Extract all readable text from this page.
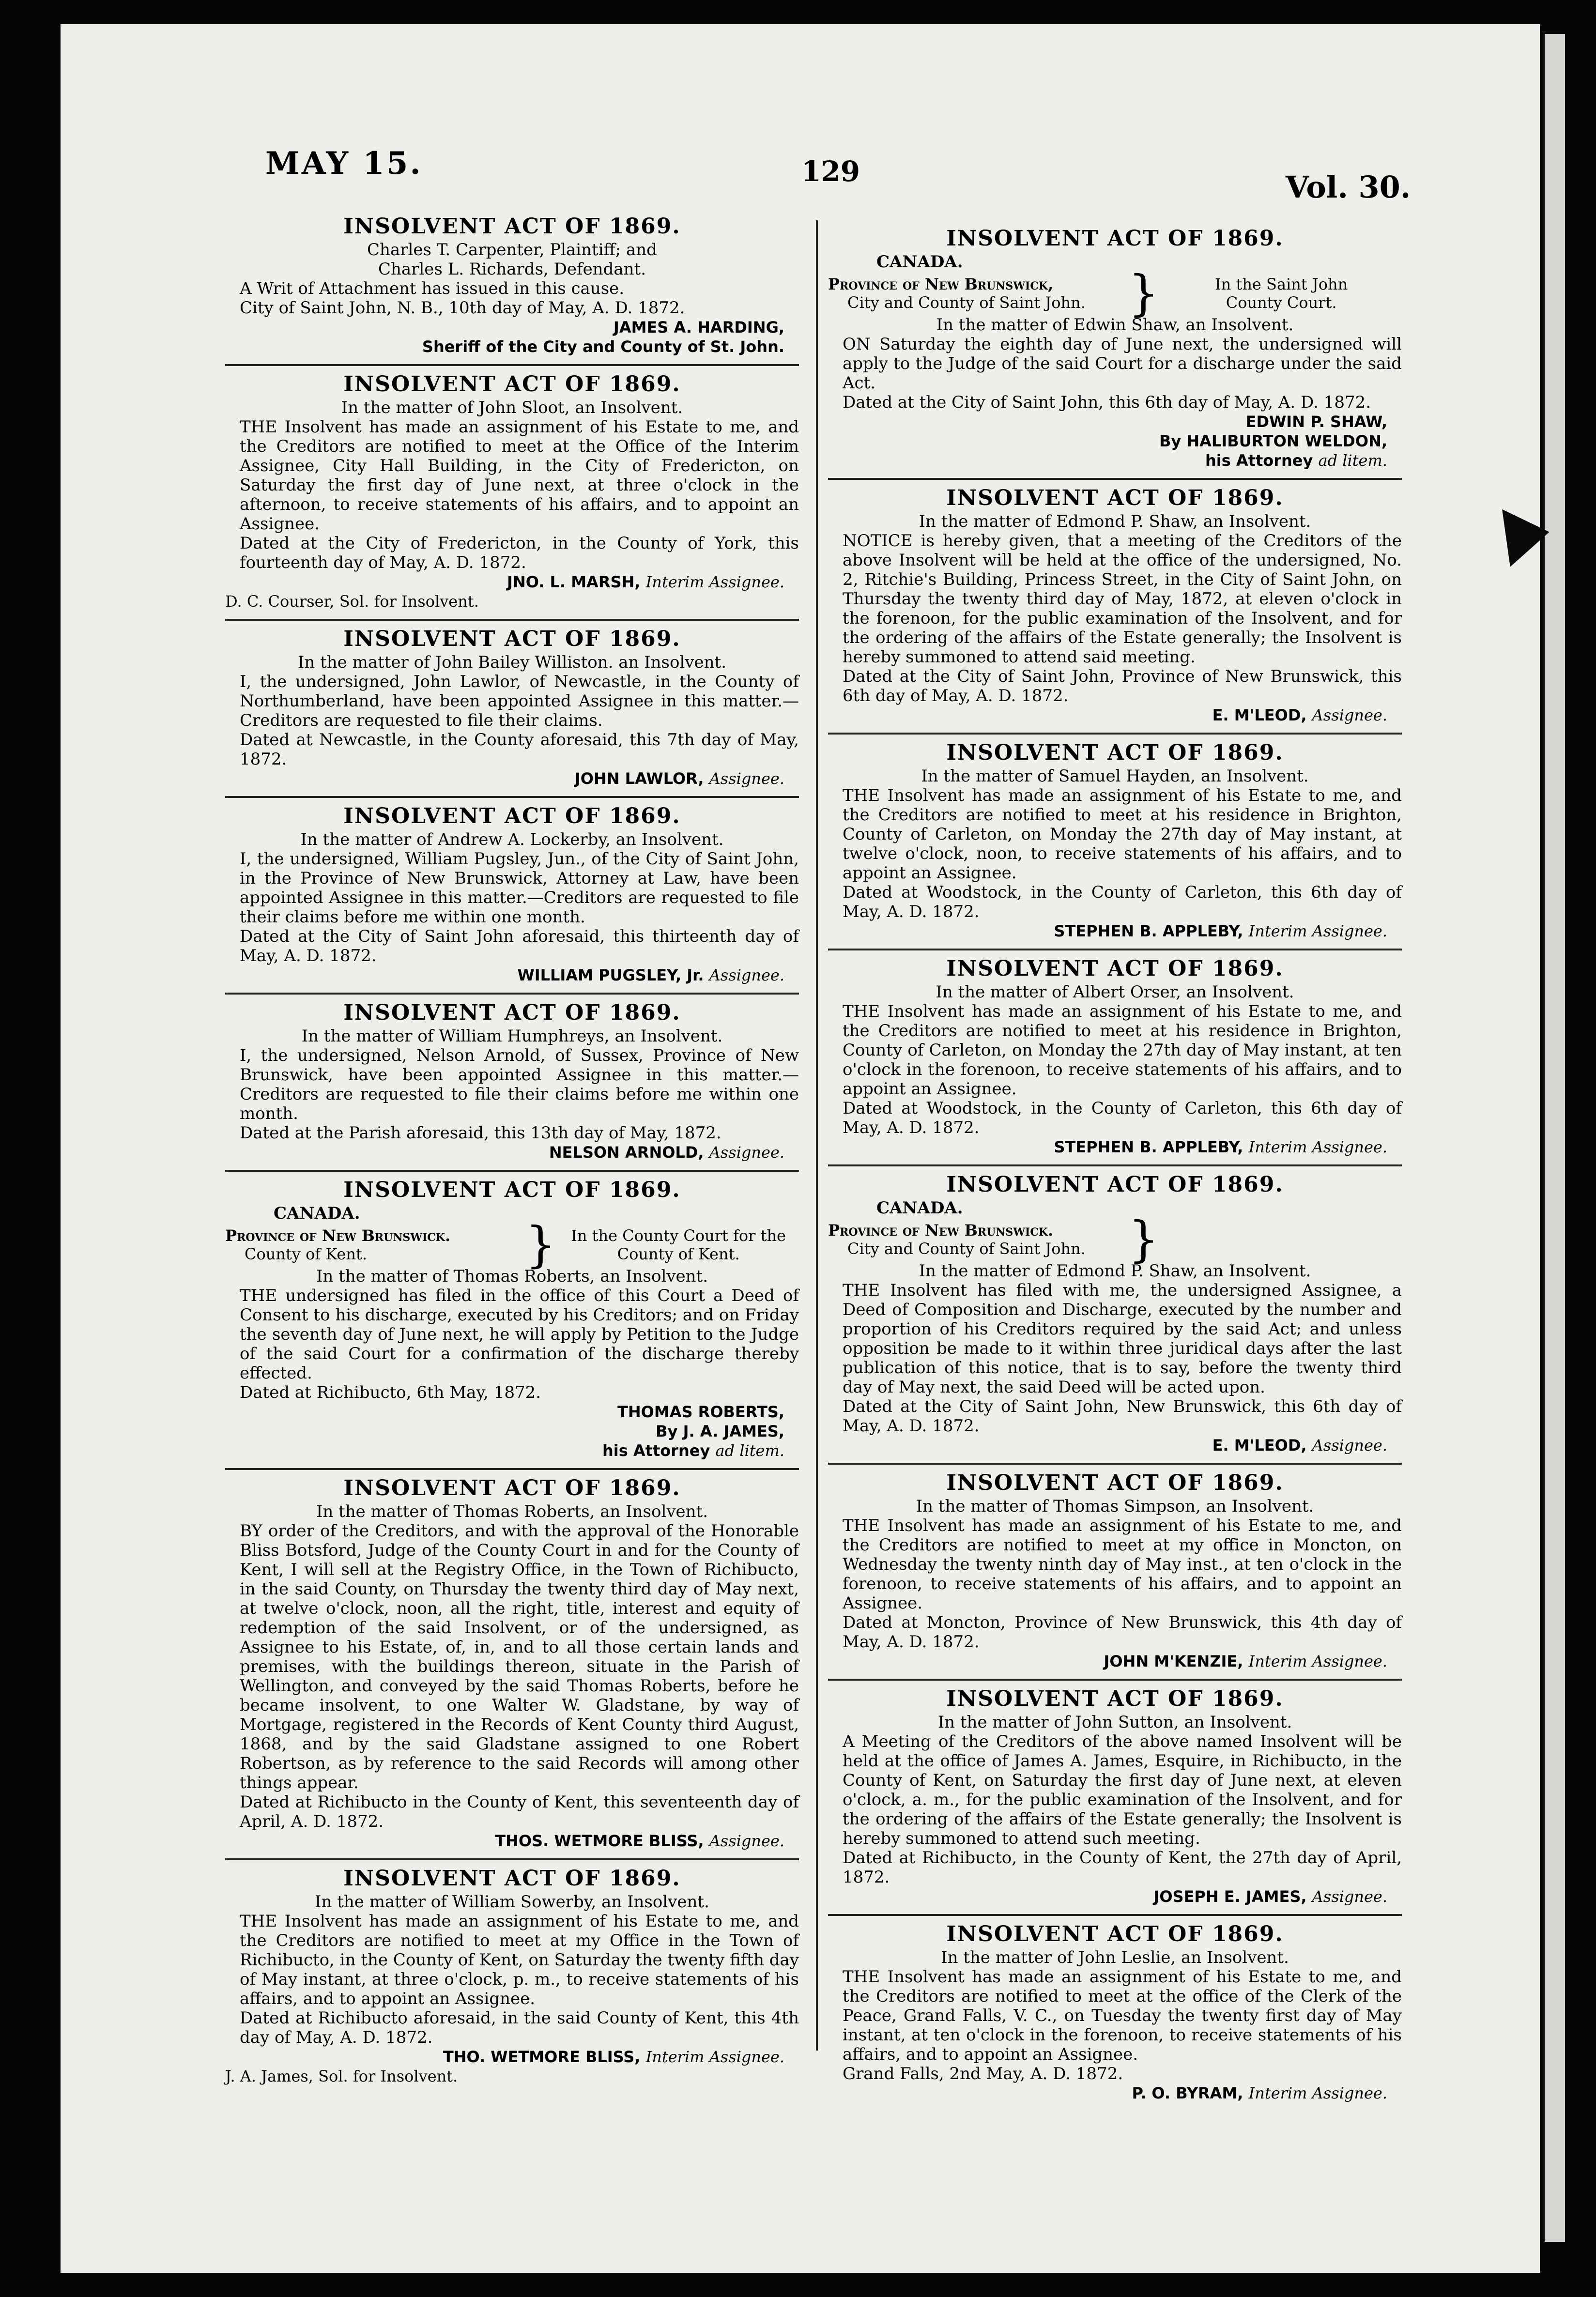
MAY 15.	129	Vol. 30.
INSOLVENT ACT OF 1869.
Charles T. Carpenter, Plaintiff; and
Charles L. Richards, Defendant.
A Writ of Attachment has issued in this cause.
City of Saint John, N. B., 10th day of May, A. D. 1872.
JAMES A. HARDING,
Sheriff of the City and County of St. John.
INSOLVENT ACT OF 1869.
In the matter of John Sloot, an Insolvent.
THE Insolvent has made an assignment of his Estate to me, and the Creditors are notified to meet at the Office of the Interim Assignee, City Hall Building, in the City of Fredericton, on Saturday the first day of June next, at three o'clock in the afternoon, to receive statements of his affairs, and to appoint an Assignee.
Dated at the City of Fredericton, in the County of York, this fourteenth day of May, A. D. 1872.
JNO. L. MARSH, Interim Assignee.
D. C. Courser, Sol. for Insolvent.
INSOLVENT ACT OF 1869.
In the matter of John Bailey Williston. an Insolvent.
I, the undersigned, John Lawlor, of Newcastle, in the County of Northumberland, have been appointed Assignee in this matter.—Creditors are requested to file their claims.
Dated at Newcastle, in the County aforesaid, this 7th day of May, 1872.
JOHN LAWLOR, Assignee.
INSOLVENT ACT OF 1869.
In the matter of Andrew A. Lockerby, an Insolvent.
I, the undersigned, William Pugsley, Jun., of the City of Saint John, in the Province of New Brunswick, Attorney at Law, have been appointed Assignee in this matter.—Creditors are requested to file their claims before me within one month.
Dated at the City of Saint John aforesaid, this thirteenth day of May, A. D. 1872.
WILLIAM PUGSLEY, Jr. Assignee.
INSOLVENT ACT OF 1869.
In the matter of William Humphreys, an Insolvent.
I, the undersigned, Nelson Arnold, of Sussex, Province of New Brunswick, have been appointed Assignee in this matter.—Creditors are requested to file their claims before me within one month.
Dated at the Parish aforesaid, this 13th day of May, 1872.
NELSON ARNOLD, Assignee.
INSOLVENT ACT OF 1869.
CANADA.
Province of New Brunswick.
County of Kent.	} In the County Court for the
County of Kent.
In the matter of Thomas Roberts, an Insolvent.
THE undersigned has filed in the office of this Court a Deed of Consent to his discharge, executed by his Creditors; and on Friday the seventh day of June next, he will apply by Petition to the Judge of the said Court for a confirmation of the discharge thereby effected.
Dated at Richibucto, 6th May, 1872.
THOMAS ROBERTS,
By J. A. JAMES,
his Attorney ad litem.
INSOLVENT ACT OF 1869.
In the matter of Thomas Roberts, an Insolvent.
BY order of the Creditors, and with the approval of the Honorable Bliss Botsford, Judge of the County Court in and for the County of Kent, I will sell at the Registry Office, in the Town of Richibucto, in the said County, on Thursday the twenty third day of May next, at twelve o'clock, noon, all the right, title, interest and equity of redemption of the said Insolvent, or of the undersigned, as Assignee to his Estate, of, in, and to all those certain lands and premises, with the buildings thereon, situate in the Parish of Wellington, and conveyed by the said Thomas Roberts, before he became insolvent, to one Walter W. Gladstane, by way of Mortgage, registered in the Records of Kent County third August, 1868, and by the said Gladstane assigned to one Robert Robertson, as by reference to the said Records will among other things appear.
Dated at Richibucto in the County of Kent, this seventeenth day of April, A. D. 1872.
THOS. WETMORE BLISS, Assignee.
INSOLVENT ACT OF 1869.
In the matter of William Sowerby, an Insolvent.
THE Insolvent has made an assignment of his Estate to me, and the Creditors are notified to meet at my Office in the Town of Richibucto, in the County of Kent, on Saturday the twenty fifth day of May instant, at three o'clock, p. m., to receive statements of his affairs, and to appoint an Assignee.
Dated at Richibucto aforesaid, in the said County of Kent, this 4th day of May, A. D. 1872.
THO. WETMORE BLISS, Interim Assignee.
J. A. James, Sol. for Insolvent.
INSOLVENT ACT OF 1869.
CANADA.
Province of New Brunswick,
City and County of Saint John. }	In the Saint John
County Court.
In the matter of Edwin Shaw, an Insolvent.
ON Saturday the eighth day of June next, the undersigned will apply to the Judge of the said Court for a discharge under the said Act.
Dated at the City of Saint John, this 6th day of May, A. D. 1872.
EDWIN P. SHAW,
By HALIBURTON WELDON,
his Attorney ad litem.
INSOLVENT ACT OF 1869.
In the matter of Edmond P. Shaw, an Insolvent.
NOTICE is hereby given, that a meeting of the Creditors of the above Insolvent will be held at the office of the undersigned, No. 2, Ritchie's Building, Princess Street, in the City of Saint John, on Thursday the twenty third day of May, 1872, at eleven o'clock in the forenoon, for the public examination of the Insolvent, and for the ordering of the affairs of the Estate generally; the Insolvent is hereby summoned to attend said meeting.
Dated at the City of Saint John, Province of New Brunswick, this 6th day of May, A. D. 1872.
E. M'LEOD, Assignee.
INSOLVENT ACT OF 1869.
In the matter of Samuel Hayden, an Insolvent.
THE Insolvent has made an assignment of his Estate to me, and the Creditors are notified to meet at his residence in Brighton, County of Carleton, on Monday the 27th day of May instant, at twelve o'clock, noon, to receive statements of his affairs, and to appoint an Assignee.
Dated at Woodstock, in the County of Carleton, this 6th day of May, A. D. 1872.
STEPHEN B. APPLEBY, Interim Assignee.
INSOLVENT ACT OF 1869.
In the matter of Albert Orser, an Insolvent.
THE Insolvent has made an assignment of his Estate to me, and the Creditors are notified to meet at his residence in Brighton, County of Carleton, on Monday the 27th day of May instant, at ten o'clock in the forenoon, to receive statements of his affairs, and to appoint an Assignee.
Dated at Woodstock, in the County of Carleton, this 6th day of May, A. D. 1872.
STEPHEN B. APPLEBY, Interim Assignee.
INSOLVENT ACT OF 1869.
CANADA.
Province of New Brunswick.
City and County of Saint John. }
In the matter of Edmond P. Shaw, an Insolvent.
THE Insolvent has filed with me, the undersigned Assignee, a Deed of Composition and Discharge, executed by the number and proportion of his Creditors required by the said Act; and unless opposition be made to it within three juridical days after the last publication of this notice, that is to say, before the twenty third day of May next, the said Deed will be acted upon.
Dated at the City of Saint John, New Brunswick, this 6th day of May, A. D. 1872.
E. M'LEOD, Assignee.
INSOLVENT ACT OF 1869.
In the matter of Thomas Simpson, an Insolvent.
THE Insolvent has made an assignment of his Estate to me, and the Creditors are notified to meet at my office in Moncton, on Wednesday the twenty ninth day of May inst., at ten o'clock in the forenoon, to receive statements of his affairs, and to appoint an Assignee.
Dated at Moncton, Province of New Brunswick, this 4th day of May, A. D. 1872.
JOHN M'KENZIE, Interim Assignee.
INSOLVENT ACT OF 1869.
In the matter of John Sutton, an Insolvent.
A Meeting of the Creditors of the above named Insolvent will be held at the office of James A. James, Esquire, in Richibucto, in the County of Kent, on Saturday the first day of June next, at eleven o'clock, a. m., for the public examination of the Insolvent, and for the ordering of the affairs of the Estate generally; the Insolvent is hereby summoned to attend such meeting.
Dated at Richibucto, in the County of Kent, the 27th day of April, 1872.
JOSEPH E. JAMES, Assignee.
INSOLVENT ACT OF 1869.
In the matter of John Leslie, an Insolvent.
THE Insolvent has made an assignment of his Estate to me, and the Creditors are notified to meet at the office of the Clerk of the Peace, Grand Falls, V. C., on Tuesday the twenty first day of May instant, at ten o'clock in the forenoon, to receive statements of his affairs, and to appoint an Assignee.
Grand Falls, 2nd May, A. D. 1872.
P. O. BYRAM, Interim Assignee.
